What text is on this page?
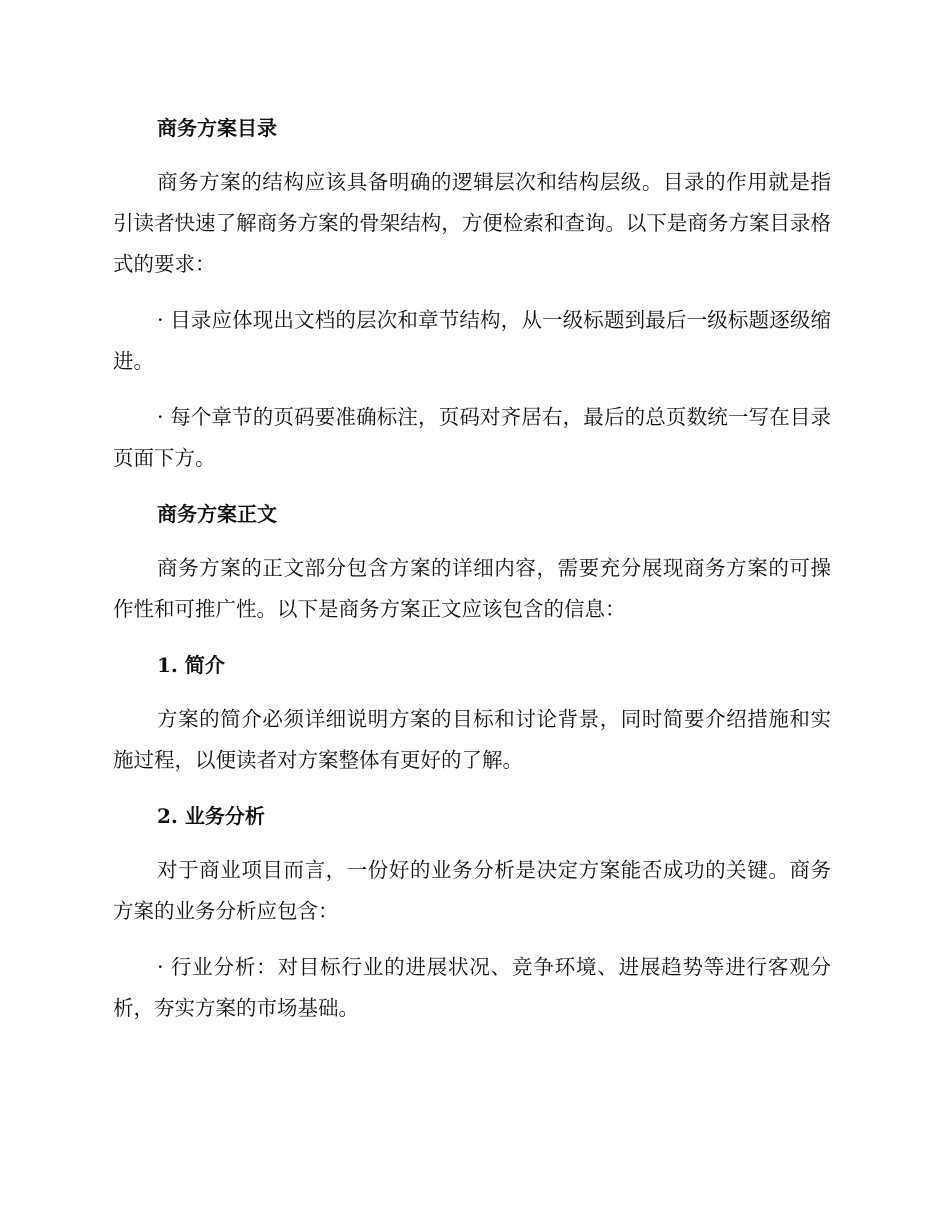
商务方案目录

商务方案的结构应该具备明确的逻辑层次和结构层级。目录的作用就是指引读者快速了解商务方案的骨架结构，方便检索和查询。以下是商务方案目录格式的要求：

· 目录应体现出文档的层次和章节结构，从一级标题到最后一级标题逐级缩进。

· 每个章节的页码要准确标注，页码对齐居右，最后的总页数统一写在目录页面下方。

商务方案正文

商务方案的正文部分包含方案的详细内容，需要充分展现商务方案的可操作性和可推广性。以下是商务方案正文应该包含的信息：

1. 简介

方案的简介必须详细说明方案的目标和讨论背景，同时简要介绍措施和实施过程，以便读者对方案整体有更好的了解。

2. 业务分析

对于商业项目而言，一份好的业务分析是决定方案能否成功的关键。商务方案的业务分析应包含：

· 行业分析：对目标行业的进展状况、竞争环境、进展趋势等进行客观分析，夯实方案的市场基础。
